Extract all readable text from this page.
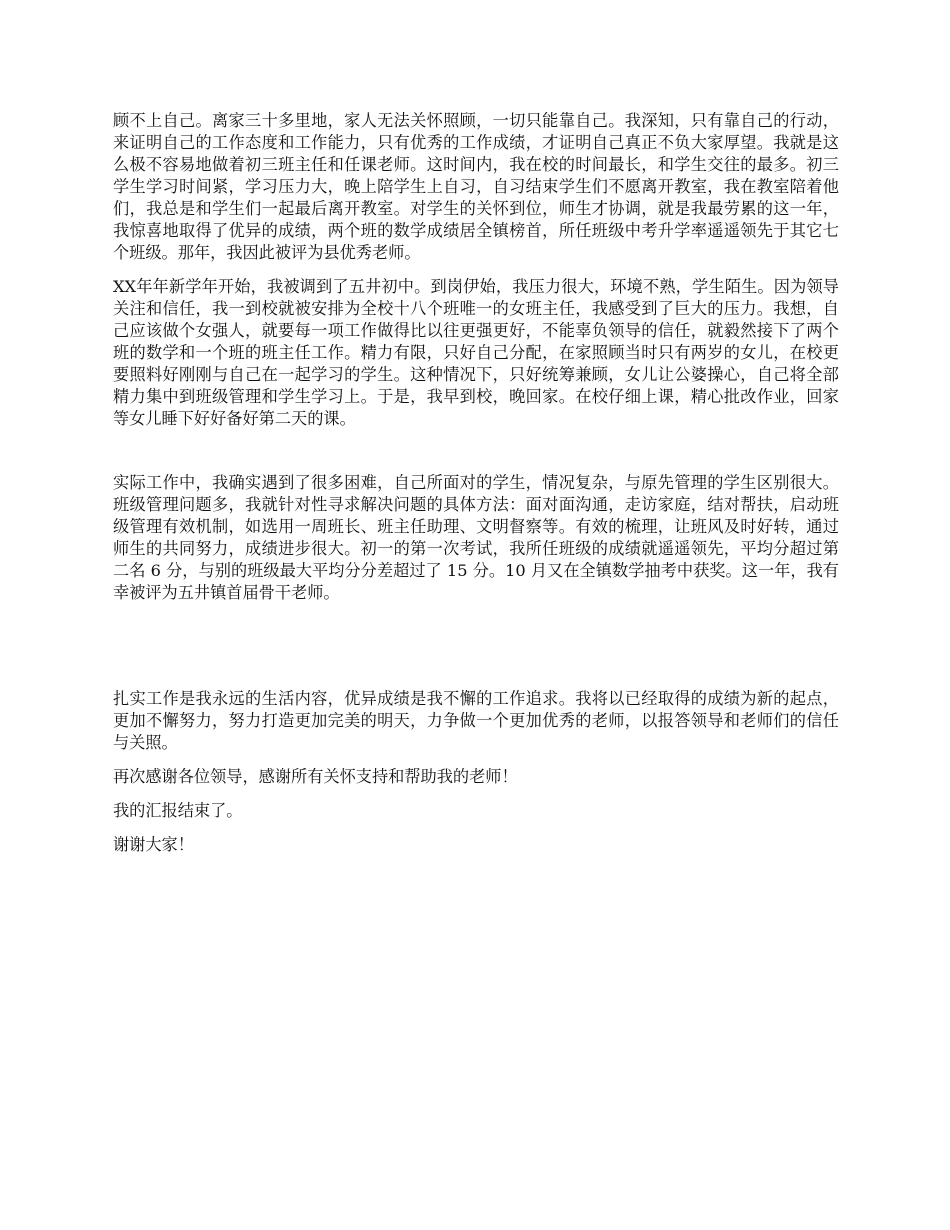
顾不上自己。离家三十多里地，家人无法关怀照顾，一切只能靠自己。我深知，只有靠自己的行动，来证明自己的工作态度和工作能力，只有优秀的工作成绩，才证明自己真正不负大家厚望。我就是这么极不容易地做着初三班主任和任课老师。这时间内，我在校的时间最长，和学生交往的最多。初三学生学习时间紧，学习压力大，晚上陪学生上自习，自习结束学生们不愿离开教室，我在教室陪着他们，我总是和学生们一起最后离开教室。对学生的关怀到位，师生才协调，就是我最劳累的这一年，我惊喜地取得了优异的成绩，两个班的数学成绩居全镇榜首，所任班级中考升学率遥遥领先于其它七个班级。那年，我因此被评为县优秀老师。

XX年年新学年开始，我被调到了五井初中。到岗伊始，我压力很大，环境不熟，学生陌生。因为领导关注和信任，我一到校就被安排为全校十八个班唯一的女班主任，我感受到了巨大的压力。我想，自己应该做个女强人，就要每一项工作做得比以往更强更好，不能辜负领导的信任，就毅然接下了两个班的数学和一个班的班主任工作。精力有限，只好自己分配，在家照顾当时只有两岁的女儿，在校更要照料好刚刚与自己在一起学习的学生。这种情况下，只好统筹兼顾，女儿让公婆操心，自己将全部精力集中到班级管理和学生学习上。于是，我早到校，晚回家。在校仔细上课，精心批改作业，回家等女儿睡下好好备好第二天的课。

实际工作中，我确实遇到了很多困难，自己所面对的学生，情况复杂，与原先管理的学生区别很大。班级管理问题多，我就针对性寻求解决问题的具体方法：面对面沟通，走访家庭，结对帮扶，启动班级管理有效机制，如选用一周班长、班主任助理、文明督察等。有效的梳理，让班风及时好转，通过师生的共同努力，成绩进步很大。初一的第一次考试，我所任班级的成绩就遥遥领先，平均分超过第二名 6 分，与别的班级最大平均分分差超过了 15 分。10 月又在全镇数学抽考中获奖。这一年，我有幸被评为五井镇首届骨干老师。

扎实工作是我永远的生活内容，优异成绩是我不懈的工作追求。我将以已经取得的成绩为新的起点，更加不懈努力，努力打造更加完美的明天，力争做一个更加优秀的老师，以报答领导和老师们的信任与关照。

再次感谢各位领导，感谢所有关怀支持和帮助我的老师！

我的汇报结束了。

谢谢大家！
